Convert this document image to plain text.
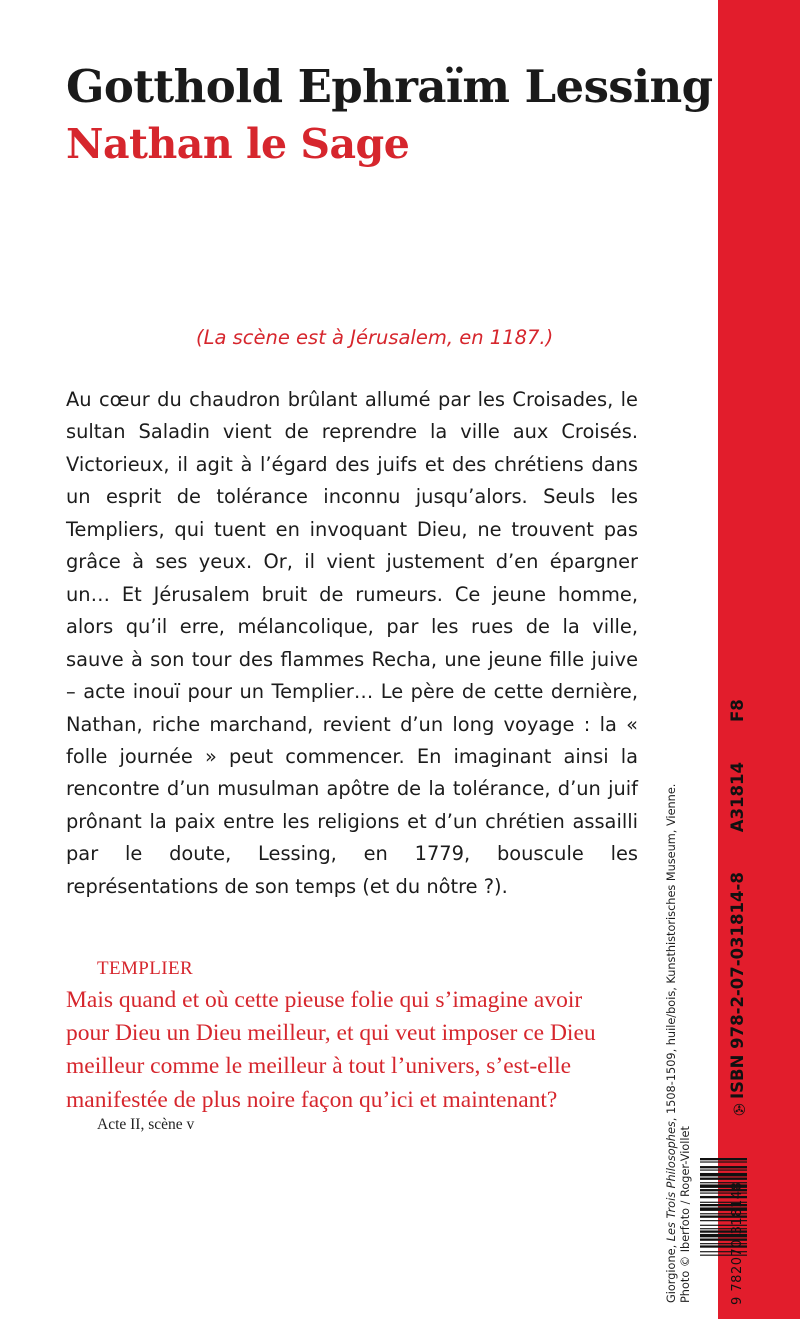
Gotthold Ephraïm Lessing
Nathan le Sage
(La scène est à Jérusalem, en 1187.)

Au cœur du chaudron brûlant allumé par les Croisades, le sultan Saladin vient de reprendre la ville aux Croisés. Victorieux, il agit à l’égard des juifs et des chrétiens dans un esprit de tolérance inconnu jusqu’alors. Seuls les Templiers, qui tuent en invoquant Dieu, ne trouvent pas grâce à ses yeux. Or, il vient justement d’en épargner un… Et Jérusalem bruit de rumeurs. Ce jeune homme, alors qu’il erre, mélancolique, par les rues de la ville, sauve à son tour des flammes Recha, une jeune fille juive – acte inouï pour un Templier… Le père de cette dernière, Nathan, riche marchand, revient d’un long voyage : la « folle journée » peut commencer. En imaginant ainsi la rencontre d’un musulman apôtre de la tolérance, d’un juif prônant la paix entre les religions et d’un chrétien assailli par le doute, Lessing, en 1779, bouscule les représentations de son temps (et du nôtre ?).

TEMPLIER

Mais quand et où cette pieuse folie qui s’imagine avoir pour Dieu un Dieu meilleur, et qui veut imposer ce Dieu meilleur comme le meilleur à tout l’univers, s’est-elle manifestée de plus noire façon qu’ici et maintenant?

Acte II, scène v
Giorgione, Les Trois Philosophes, 1508-1509, huile/bois, Kunsthistorisches Museum, Vienne.
Photo © Iberfoto / Roger-Viollet
✇
ISBN 978-2-07-031814-8A31814F8
9 782070 318148
